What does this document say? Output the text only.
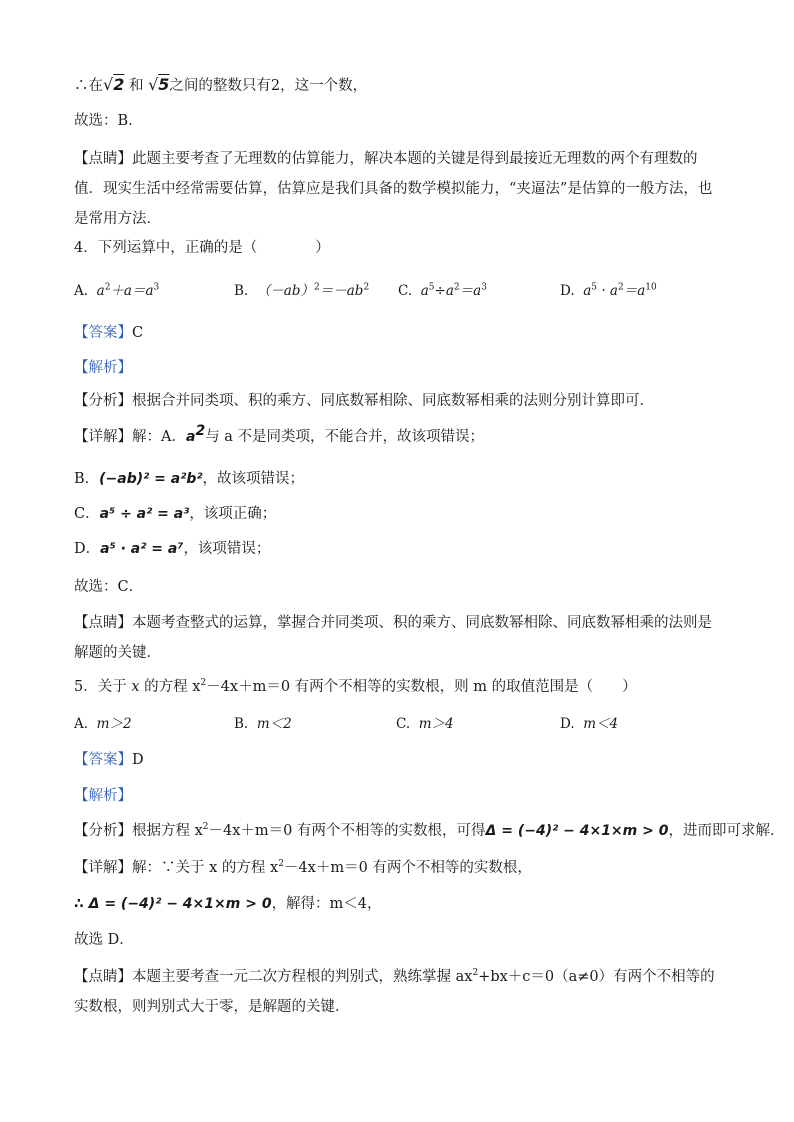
∴在√2 和 √5之间的整数只有2，这一个数，
故选：B．
【点睛】此题主要考查了无理数的估算能力，解决本题的关键是得到最接近无理数的两个有理数的值．现实生活中经常需要估算，估算应是我们具备的数学模拟能力，“夹逼法”是估算的一般方法，也是常用方法．
4．下列运算中，正确的是（　　　　）
A. $a^2+a=a^3$	B. $(-ab)^2=-ab^2$	C. $a^5\div a^2=a^3$	D. $a^5 \cdot a^2=a^{10}$
【答案】C
【解析】
【分析】根据合并同类项、积的乘方、同底数幂相除、同底数幂相乘的法则分别计算即可．
【详解】解：A．$a^2$与 a 不是同类项，不能合并，故该项错误；
B．(−ab)² = a²b²，故该项错误；
C．a⁵ ÷ a² = a³，该项正确；
D．a⁵ · a² = a⁷，该项错误；
故选：C．
【点睛】本题考查整式的运算，掌握合并同类项、积的乘方、同底数幂相除、同底数幂相乘的法则是解题的关键．
5．关于 x 的方程 $x^2-4x+m=0$ 有两个不相等的实数根，则 m 的取值范围是（　　）
A. m＞2	B. m＜2	C. m＞4	D. m＜4
【答案】D
【解析】
【分析】根据方程 $x^2-4x+m=0$ 有两个不相等的实数根，可得Δ = (−4)² − 4×1×m > 0，进而即可求解．
【详解】解：∵关于 x 的方程 $x^2-4x+m=0$ 有两个不相等的实数根，
∴ Δ = (−4)² − 4×1×m > 0，解得：m＜4，
故选 D．
【点睛】本题主要考查一元二次方程根的判别式，熟练掌握 $ax^2+bx+c=0(a\ne 0)$有两个不相等的实数根，则判别式大于零，是解题的关键．
